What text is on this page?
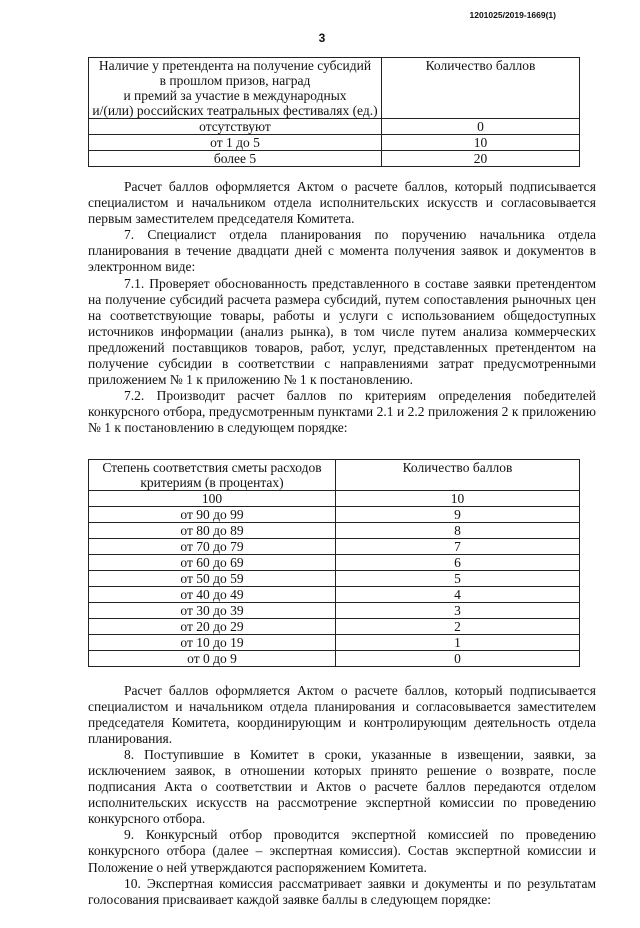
1201025/2019-1669(1)
3
Наличие у претендента на получение субсидий
в прошлом призов, наград
и премий за участие в международных
и/(или) российских театральных фестивалях (ед.)	Количество баллов
отсутствуют	0
от 1 до 5	10
более 5	20

Расчет баллов оформляется Актом о расчете баллов, который подписывается специалистом и начальником отдела исполнительских искусств и согласовывается первым заместителем председателя Комитета.

7. Специалист отдела планирования по поручению начальника отдела планирования в течение двадцати дней с момента получения заявок и документов в электронном виде:

7.1. Проверяет обоснованность представленного в составе заявки претендентом на получение субсидий расчета размера субсидий, путем сопоставления рыночных цен на соответствующие товары, работы и услуги с использованием общедоступных источников информации (анализ рынка), в том числе путем анализа коммерческих предложений поставщиков товаров, работ, услуг, представленных претендентом на получение субсидии в соответствии с направлениями затрат предусмотренными приложением № 1 к приложению № 1 к постановлению.

7.2. Производит расчет баллов по критериям определения победителей конкурсного отбора, предусмотренным пунктами 2.1 и 2.2 приложения 2 к приложению № 1 к постановлению в следующем порядке:

Степень соответствия сметы расходов
критериям (в процентах)	Количество баллов
100	10
от 90 до 99	9
от 80 до 89	8
от 70 до 79	7
от 60 до 69	6
от 50 до 59	5
от 40 до 49	4
от 30 до 39	3
от 20 до 29	2
от 10 до 19	1
от 0 до 9	0

Расчет баллов оформляется Актом о расчете баллов, который подписывается специалистом и начальником отдела планирования и согласовывается заместителем председателя Комитета, координирующим и контролирующим деятельность отдела планирования.

8. Поступившие в Комитет в сроки, указанные в извещении, заявки, за исключением заявок, в отношении которых принято решение о возврате, после подписания Акта о соответствии и Актов о расчете баллов передаются отделом исполнительских искусств на рассмотрение экспертной комиссии по проведению конкурсного отбора.

9. Конкурсный отбор проводится экспертной комиссией по проведению конкурсного отбора (далее – экспертная комиссия). Состав экспертной комиссии и Положение о ней утверждаются распоряжением Комитета.

10. Экспертная комиссия рассматривает заявки и документы и по результатам голосования присваивает каждой заявке баллы в следующем порядке:
